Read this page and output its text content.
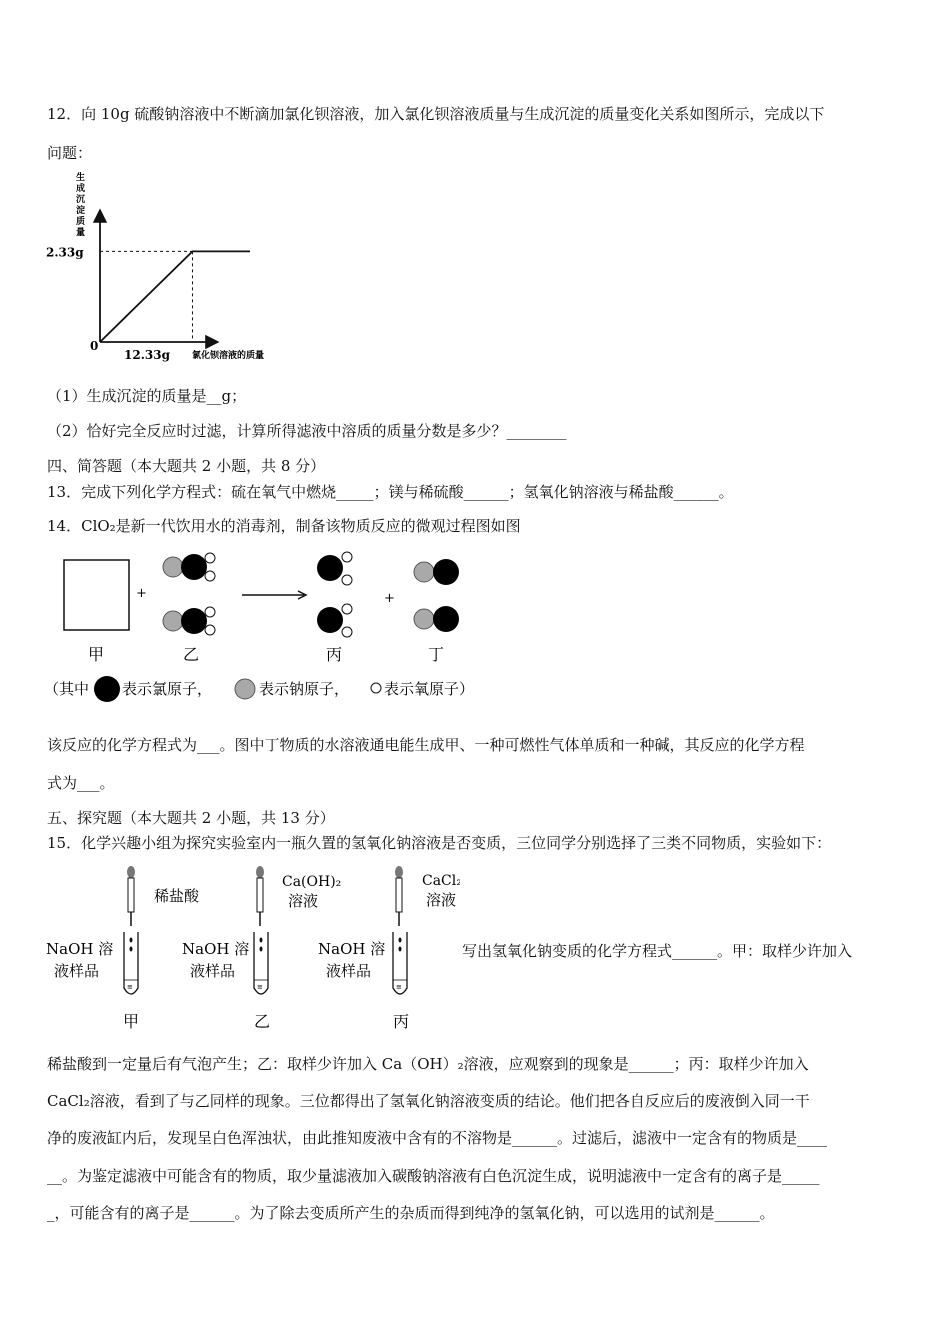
12．向 10g 硫酸钠溶液中不断滴加氯化钡溶液，加入氯化钡溶液质量与生成沉淀的质量变化关系如图所示，完成以下
问题：
生
成
沉
淀
质
量
0
12.33g
2.33g
氯化钡溶液的质量
（1）生成沉淀的质量是__g；
（2）恰好完全反应时过滤，计算所得滤液中溶质的质量分数是多少？________
四、简答题（本大题共 2 小题，共 8 分）
13．完成下列化学方程式：硫在氧气中燃烧_____；镁与稀硫酸______；氢氧化钠溶液与稀盐酸______。
14．ClO₂是新一代饮用水的消毒剂，制备该物质反应的微观过程图如图
+	+
甲	乙	丙	丁
（其中 表示氯原子，	表示钠原子， 表示氧原子）
该反应的化学方程式为___。图中丁物质的水溶液通电能生成甲、一种可燃性气体单质和一种碱，其反应的化学方程
式为___。
五、探究题（本大题共 2 小题，共 13 分）
15．化学兴趣小组为探究实验室内一瓶久置的氢氧化钠溶液是否变质，三位同学分别选择了三类不同物质，实验如下：
稀盐酸
Ca(OH)₂
溶液
CaCl₂
溶液
NaOH 溶
液样品
NaOH 溶
液样品
NaOH 溶
液样品
≡	≡	≡
甲	乙	丙
写出氢氧化钠变质的化学方程式______。甲：取样少许加入
稀盐酸到一定量后有气泡产生；乙：取样少许加入 Ca（OH）₂溶液，应观察到的现象是______；丙：取样少许加入
CaCl₂溶液，看到了与乙同样的现象。三位都得出了氢氧化钠溶液变质的结论。他们把各自反应后的废液倒入同一干
净的废液缸内后，发现呈白色浑浊状，由此推知废液中含有的不溶物是______。过滤后，滤液中一定含有的物质是____
__。为鉴定滤液中可能含有的物质，取少量滤液加入碳酸钠溶液有白色沉淀生成，说明滤液中一定含有的离子是_____
_，可能含有的离子是______。为了除去变质所产生的杂质而得到纯净的氢氧化钠，可以选用的试剂是______。
